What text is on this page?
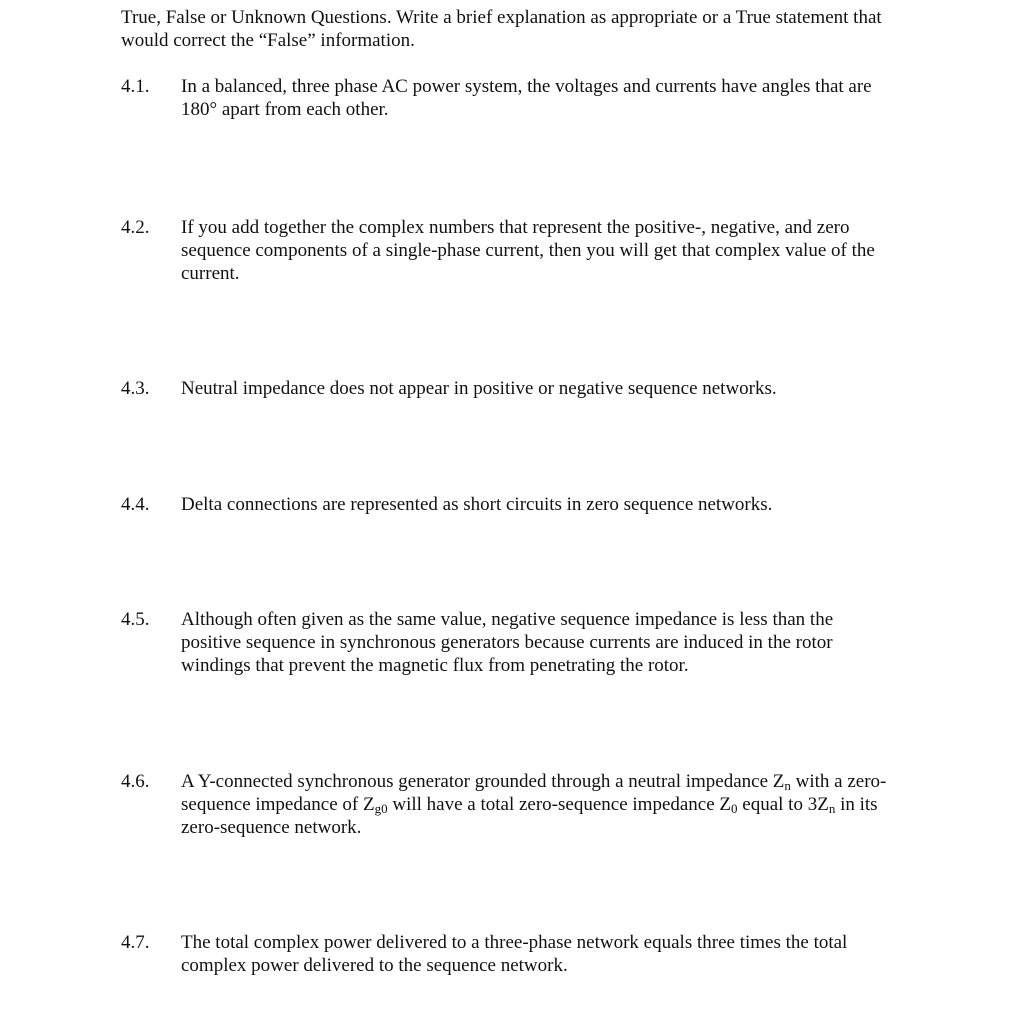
True, False or Unknown Questions. Write a brief explanation as appropriate or a True statement that would correct the “False” information.

4.1.	In a balanced, three phase AC power system, the voltages and currents have angles that are 180° apart from each other.

4.2.	If you add together the complex numbers that represent the positive-, negative, and zero sequence components of a single-phase current, then you will get that complex value of the current.

4.3.	Neutral impedance does not appear in positive or negative sequence networks.

4.4.	Delta connections are represented as short circuits in zero sequence networks.

4.5.	Although often given as the same value, negative sequence impedance is less than the positive sequence in synchronous generators because currents are induced in the rotor windings that prevent the magnetic flux from penetrating the rotor.

4.6.	A Y-connected synchronous generator grounded through a neutral impedance $Z_n$ with a zero-sequence impedance of $Z_{g0}$ will have a total zero-sequence impedance $Z_0$ equal to $3Z_n$ in its zero-sequence network.

4.7.	The total complex power delivered to a three-phase network equals three times the total complex power delivered to the sequence network.
